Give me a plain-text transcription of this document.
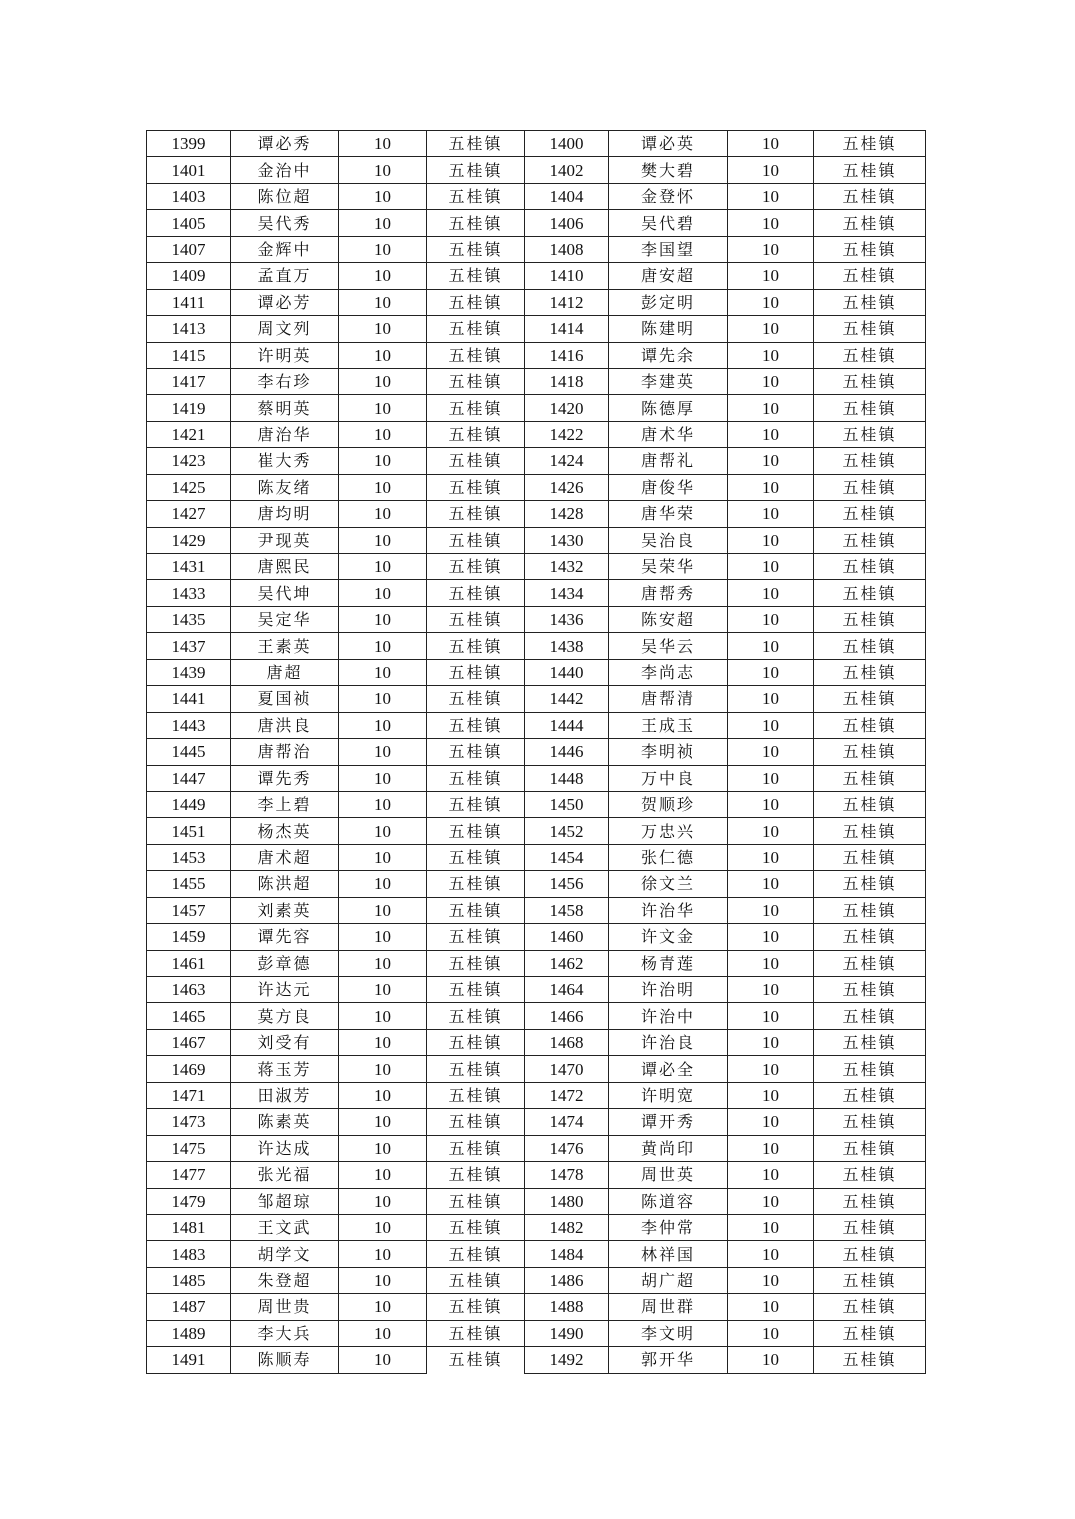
1399	谭必秀	10	五桂镇	1400	谭必英	10	五桂镇
1401	金治中	10	五桂镇	1402	樊大碧	10	五桂镇
1403	陈位超	10	五桂镇	1404	金登怀	10	五桂镇
1405	吴代秀	10	五桂镇	1406	吴代碧	10	五桂镇
1407	金辉中	10	五桂镇	1408	李国望	10	五桂镇
1409	孟直万	10	五桂镇	1410	唐安超	10	五桂镇
1411	谭必芳	10	五桂镇	1412	彭定明	10	五桂镇
1413	周文列	10	五桂镇	1414	陈建明	10	五桂镇
1415	许明英	10	五桂镇	1416	谭先余	10	五桂镇
1417	李右珍	10	五桂镇	1418	李建英	10	五桂镇
1419	蔡明英	10	五桂镇	1420	陈德厚	10	五桂镇
1421	唐治华	10	五桂镇	1422	唐术华	10	五桂镇
1423	崔大秀	10	五桂镇	1424	唐帮礼	10	五桂镇
1425	陈友绪	10	五桂镇	1426	唐俊华	10	五桂镇
1427	唐均明	10	五桂镇	1428	唐华荣	10	五桂镇
1429	尹现英	10	五桂镇	1430	吴治良	10	五桂镇
1431	唐熙民	10	五桂镇	1432	吴荣华	10	五桂镇
1433	吴代坤	10	五桂镇	1434	唐帮秀	10	五桂镇
1435	吴定华	10	五桂镇	1436	陈安超	10	五桂镇
1437	王素英	10	五桂镇	1438	吴华云	10	五桂镇
1439	唐超	10	五桂镇	1440	李尚志	10	五桂镇
1441	夏国祯	10	五桂镇	1442	唐帮清	10	五桂镇
1443	唐洪良	10	五桂镇	1444	王成玉	10	五桂镇
1445	唐帮治	10	五桂镇	1446	李明祯	10	五桂镇
1447	谭先秀	10	五桂镇	1448	万中良	10	五桂镇
1449	李上碧	10	五桂镇	1450	贺顺珍	10	五桂镇
1451	杨杰英	10	五桂镇	1452	万忠兴	10	五桂镇
1453	唐术超	10	五桂镇	1454	张仁德	10	五桂镇
1455	陈洪超	10	五桂镇	1456	徐文兰	10	五桂镇
1457	刘素英	10	五桂镇	1458	许治华	10	五桂镇
1459	谭先容	10	五桂镇	1460	许文金	10	五桂镇
1461	彭章德	10	五桂镇	1462	杨青莲	10	五桂镇
1463	许达元	10	五桂镇	1464	许治明	10	五桂镇
1465	莫方良	10	五桂镇	1466	许治中	10	五桂镇
1467	刘受有	10	五桂镇	1468	许治良	10	五桂镇
1469	蒋玉芳	10	五桂镇	1470	谭必全	10	五桂镇
1471	田淑芳	10	五桂镇	1472	许明宽	10	五桂镇
1473	陈素英	10	五桂镇	1474	谭开秀	10	五桂镇
1475	许达成	10	五桂镇	1476	黄尚印	10	五桂镇
1477	张光福	10	五桂镇	1478	周世英	10	五桂镇
1479	邹超琼	10	五桂镇	1480	陈道容	10	五桂镇
1481	王文武	10	五桂镇	1482	李仲常	10	五桂镇
1483	胡学文	10	五桂镇	1484	林祥国	10	五桂镇
1485	朱登超	10	五桂镇	1486	胡广超	10	五桂镇
1487	周世贵	10	五桂镇	1488	周世群	10	五桂镇
1489	李大兵	10	五桂镇	1490	李文明	10	五桂镇
1491	陈顺寿	10	五桂镇	1492	郭开华	10	五桂镇
